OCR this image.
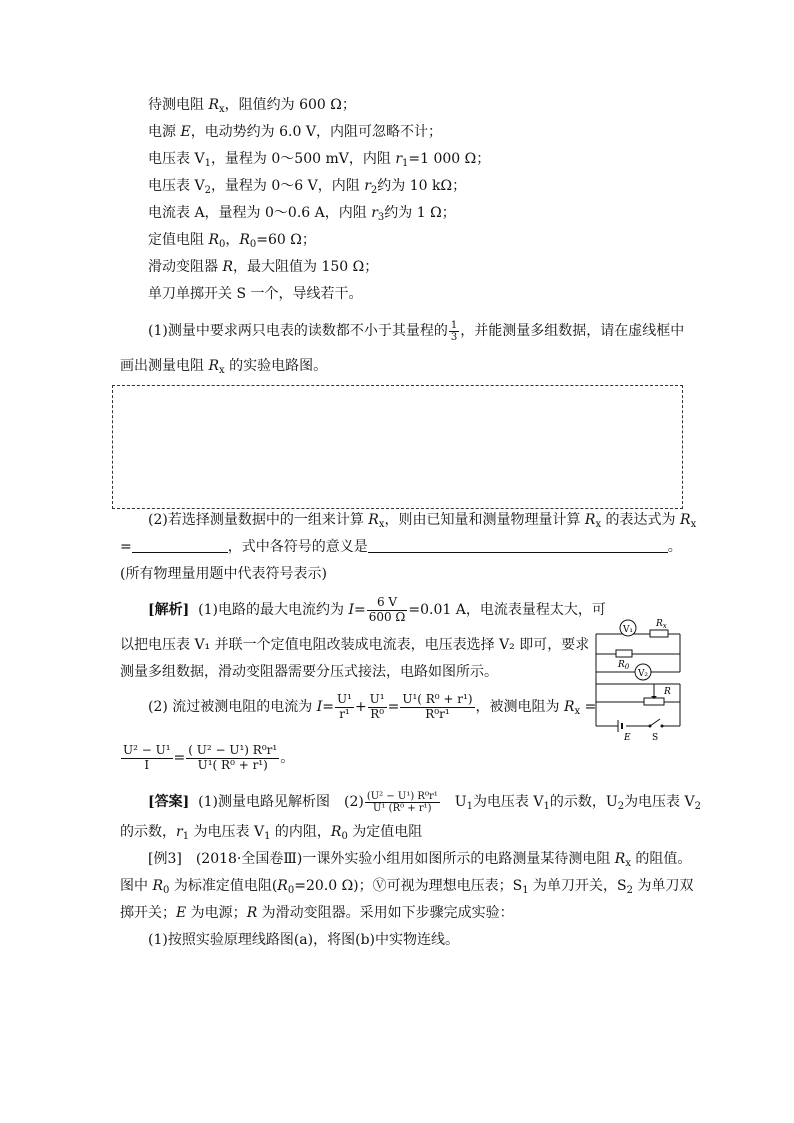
待测电阻 $R_x$，阻值约为 600 Ω；
电源 E，电动势约为 6.0 V，内阻可忽略不计；
电压表 $V_1$，量程为 0～500 mV，内阻 $r_1=1$ 000 Ω；
电压表 $V_2$，量程为 0～6 V，内阻 $r_2$约为 10 kΩ；
电流表 A，量程为 0～0.6 A，内阻 $r_3$约为 1 Ω；
定值电阻 $R_0$，$R_0=60$ Ω；
滑动变阻器 R，最大阻值为 150 Ω；
单刀单掷开关 S 一个，导线若干。
(1)测量中要求两只电表的读数都不小于其量程的 $\frac{1}{3}$ ，并能测量多组数据，请在虚线框中
画出测量电阻 $R_x$ 的实验电路图。
(2)若选择测量数据中的一组来计算 $R_x$，则由已知量和测量物理量计算 $R_x$ 的表达式为 $R_x$
=	，式中各符号的意义是	。
(所有物理量用题中代表符号表示)
[解析] (1)电路的最大电流约为 $I= \frac{6 V}{600 \Omega} =0.01$ A，电流表量程太大，可
以把电压表 V₁ 并联一个定值电阻改装成电流表，电压表选择 V₂ 即可，要求
测量多组数据，滑动变阻器需要分压式接法，电路如图所示。
(2) 流过被测电阻的电流为 $I= \frac{\text{U¹}}{\text{r¹}} + \frac{\text{U¹}}{\text{R⁰}} = \frac{\text{U¹( R⁰ + r¹)}}{\text{R⁰r¹}}$ ，被测电阻为 $R_x$ =
$\frac{\text{U² − U¹}}{I} = \frac{\text{( U² − U¹) R⁰r¹}}{\text{U¹( R⁰ + r¹)}}$ 。
V₁
$R_x$
$R_0$
V₂
R
E S
[答案] (1)测量电路见解析图　$(2) \frac{\text{(U² − U¹) R⁰r¹}}{\text{U¹ (R⁰ + r¹)}}$ 　$U_1$为电压表 $V_1$的示数，$U_2$为电压表 $V_2$
的示数，$r_1$ 为电压表 $V_1$ 的内阻，$R_0$ 为定值电阻
[例3]　(2018·全国卷Ⅲ)一课外实验小组用如图所示的电路测量某待测电阻 $R_x$ 的阻值。
图中 $R_0$ 为标准定值电阻($R_0=20.0$ Ω)；Ⓥ可视为理想电压表；$S_1$ 为单刀开关，$S_2$ 为单刀双
掷开关；E 为电源；R 为滑动变阻器。采用如下步骤完成实验：
(1)按照实验原理线路图(a)，将图(b)中实物连线。
